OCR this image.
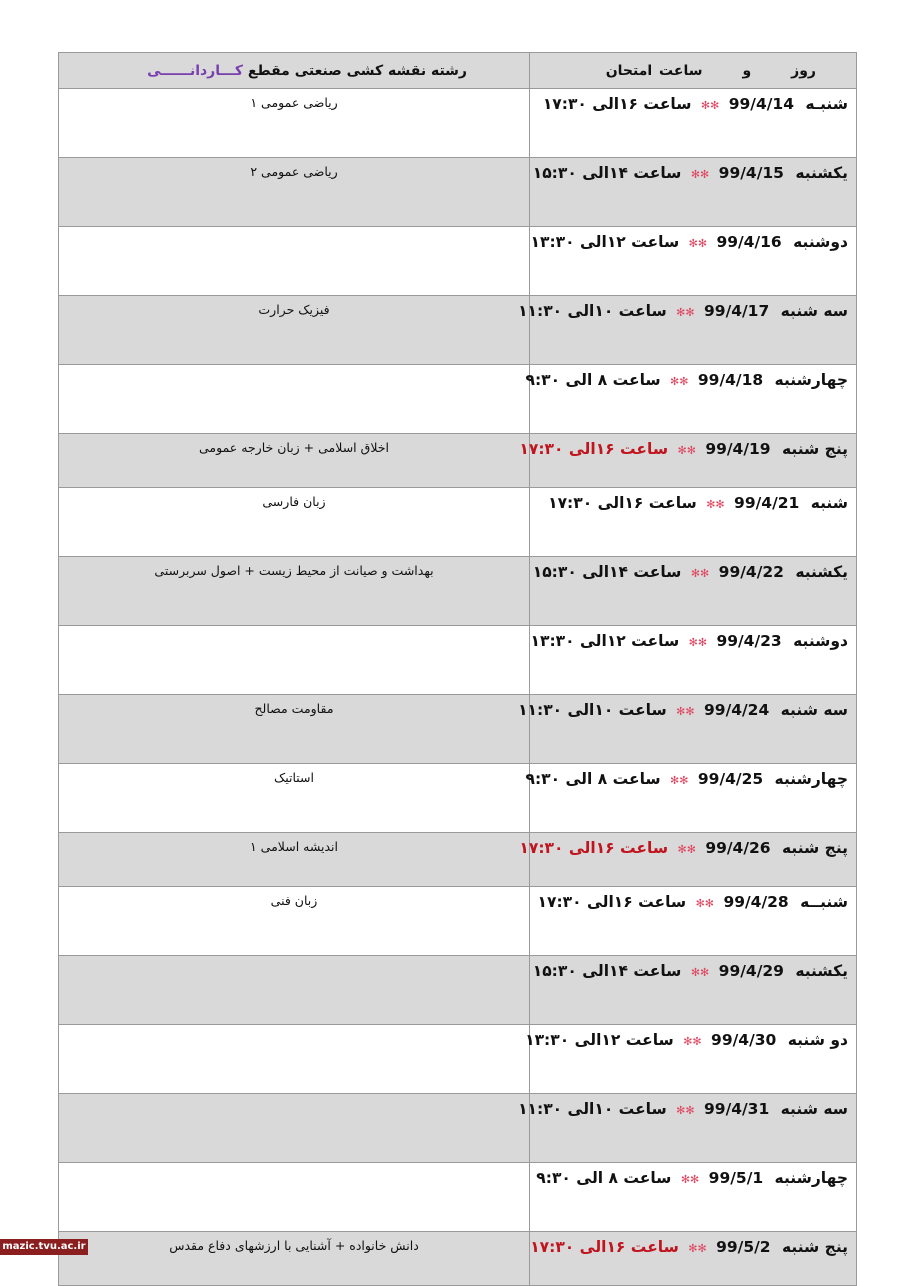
روزوساعت امتحان	رشته نقشه کشی صنعتی مقطع کـــاردانــــــی
شنبـه 99/4/14 ✻✻ ساعت ۱۶الی ۱۷:۳۰	ریاضی عمومی ۱
یکشنبه 99/4/15 ✻✻ ساعت ۱۴الی ۱۵:۳۰	ریاضی عمومی ۲
دوشنبه 99/4/16 ✻✻ ساعت ۱۲الی ۱۳:۳۰	
سه شنبه 99/4/17 ✻✻ ساعت ۱۰الی ۱۱:۳۰	فیزیک حرارت
چهارشنبه 99/4/18 ✻✻ ساعت ۸ الی ۹:۳۰	
پنج شنبه 99/4/19 ✻✻ ساعت ۱۶الی ۱۷:۳۰	اخلاق اسلامی + زبان خارجه عمومی
شنبه 99/4/21 ✻✻ ساعت ۱۶الی ۱۷:۳۰	زبان فارسی
یکشنبه 99/4/22 ✻✻ ساعت ۱۴الی ۱۵:۳۰	بهداشت و صیانت از محیط زیست + اصول سربرستی
دوشنبه 99/4/23 ✻✻ ساعت ۱۲الی ۱۳:۳۰	
سه شنبه 99/4/24 ✻✻ ساعت ۱۰الی ۱۱:۳۰	مقاومت مصالح
چهارشنبه 99/4/25 ✻✻ ساعت ۸ الی ۹:۳۰	استاتیک
پنج شنبه 99/4/26 ✻✻ ساعت ۱۶الی ۱۷:۳۰	اندیشه اسلامی ۱
شنبــه 99/4/28 ✻✻ ساعت ۱۶الی ۱۷:۳۰	زبان فنی
یکشنبه 99/4/29 ✻✻ ساعت ۱۴الی ۱۵:۳۰	
دو شنبه 99/4/30 ✻✻ ساعت ۱۲الی ۱۳:۳۰	
سه شنبه 99/4/31 ✻✻ ساعت ۱۰الی ۱۱:۳۰	
چهارشنبه 99/5/1 ✻✻ ساعت ۸ الی ۹:۳۰	
پنج شنبه 99/5/2 ✻✻ ساعت ۱۶الی ۱۷:۳۰	دانش خانواده + آشنایی با ارزشهای دفاع مقدس
mazic.tvu.ac.ir
